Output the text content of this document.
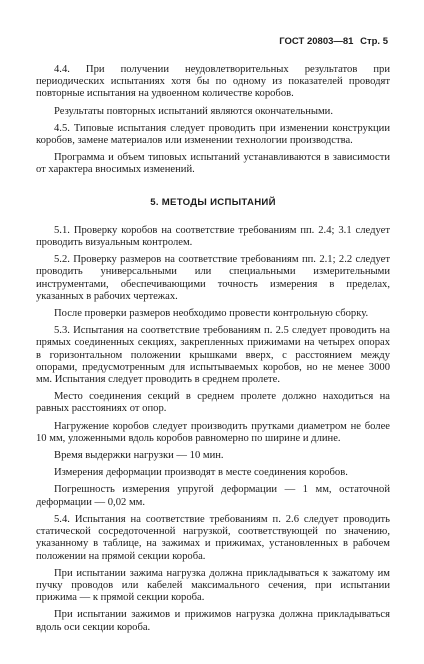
ГОСТ 20803—81 Стр. 5

4.4. При получении неудовлетворительных результатов при периодических испытаниях хотя бы по одному из показателей проводят повторные испытания на удвоенном количестве коробов.

Результаты повторных испытаний являются окончательными.

4.5. Типовые испытания следует проводить при изменении конструкции коробов, замене материалов или изменении технологии производства.

Программа и объем типовых испытаний устанавливаются в зависимости от характера вносимых изменений.

5. МЕТОДЫ ИСПЫТАНИЙ

5.1. Проверку коробов на соответствие требованиям пп. 2.4; 3.1 следует проводить визуальным контролем.

5.2. Проверку размеров на соответствие требованиям пп. 2.1; 2.2 следует проводить универсальными или специальными измерительными инструментами, обеспечивающими точность измерения в пределах, указанных в рабочих чертежах.

После проверки размеров необходимо провести контрольную сборку.

5.3. Испытания на соответствие требованиям п. 2.5 следует проводить на прямых соединенных секциях, закрепленных прижимами на четырех опорах в горизонтальном положении крышками вверх, с расстоянием между опорами, предусмотренным для испытываемых коробов, но не менее 3000 мм. Испытания следует проводить в среднем пролете.

Место соединения секций в среднем пролете должно находиться на равных расстояниях от опор.

Нагружение коробов следует производить прутками диаметром не более 10 мм, уложенными вдоль коробов равномерно по ширине и длине.

Время выдержки нагрузки — 10 мин.

Измерения деформации производят в месте соединения коробов.

Погрешность измерения упругой деформации — 1 мм, остаточной деформации — 0,02 мм.

5.4. Испытания на соответствие требованиям п. 2.6 следует проводить статической сосредоточенной нагрузкой, соответствующей по значению, указанному в таблице, на зажимах и прижимах, установленных в рабочем положении на прямой секции короба.

При испытании зажима нагрузка должна прикладываться к зажатому им пучку проводов или кабелей максимального сечения, при испытании прижима — к прямой секции короба.

При испытании зажимов и прижимов нагрузка должна прикладываться вдоль оси секции короба.
